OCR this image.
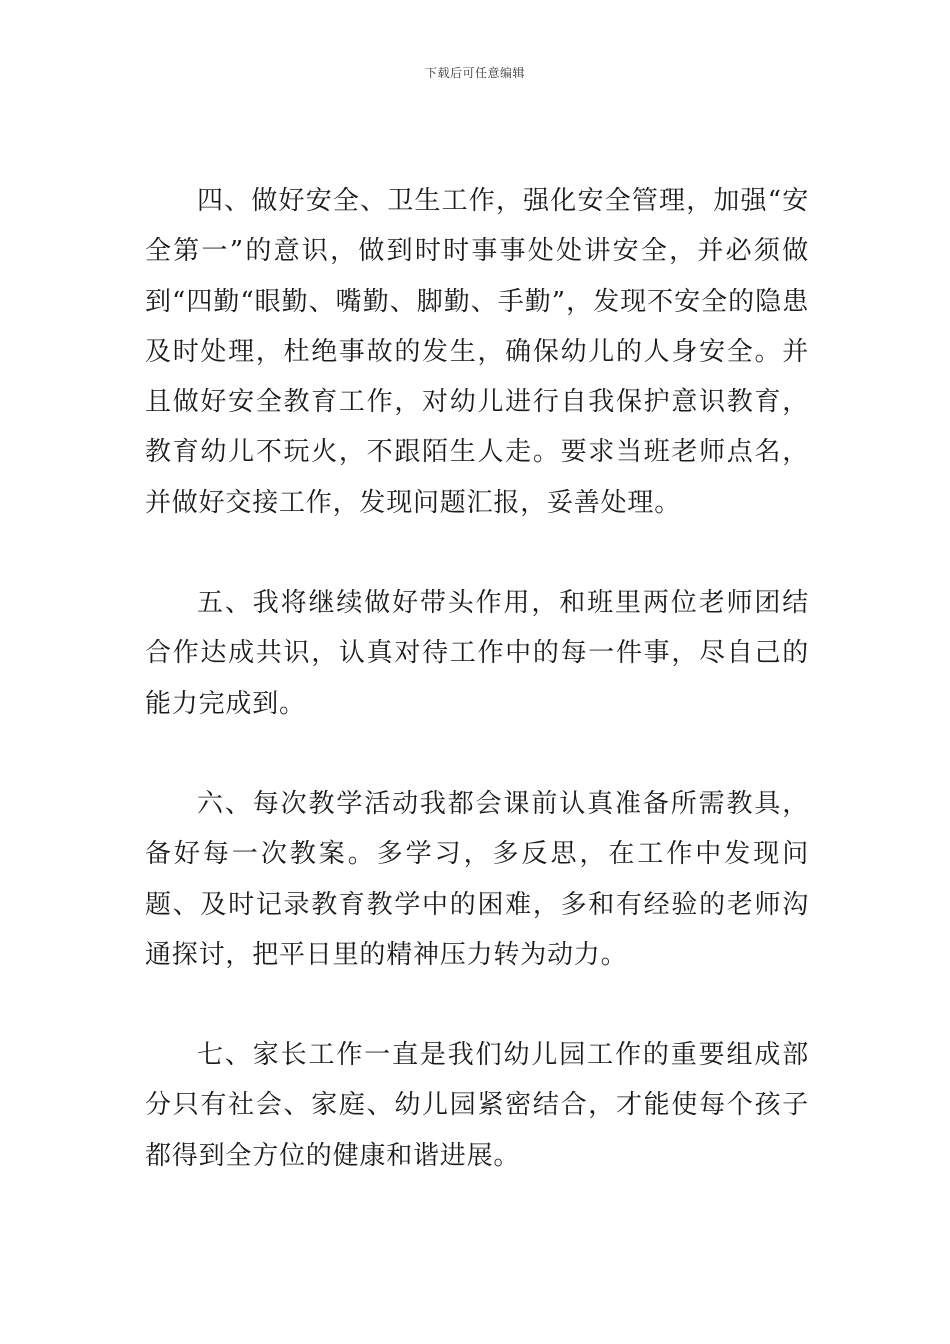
下载后可任意编辑

四、做好安全、卫生工作，强化安全管理，加强“安全第一”的意识，做到时时事事处处讲安全，并必须做到“四勤“眼勤、嘴勤、脚勤、手勤”，发现不安全的隐患及时处理，杜绝事故的发生，确保幼儿的人身安全。并且做好安全教育工作，对幼儿进行自我保护意识教育，教育幼儿不玩火，不跟陌生人走。要求当班老师点名，并做好交接工作，发现问题汇报，妥善处理。

五、我将继续做好带头作用，和班里两位老师团结合作达成共识，认真对待工作中的每一件事，尽自己的能力完成到。

六、每次教学活动我都会课前认真准备所需教具，备好每一次教案。多学习，多反思，在工作中发现问题、及时记录教育教学中的困难，多和有经验的老师沟通探讨，把平日里的精神压力转为动力。

七、家长工作一直是我们幼儿园工作的重要组成部分只有社会、家庭、幼儿园紧密结合，才能使每个孩子都得到全方位的健康和谐进展。
